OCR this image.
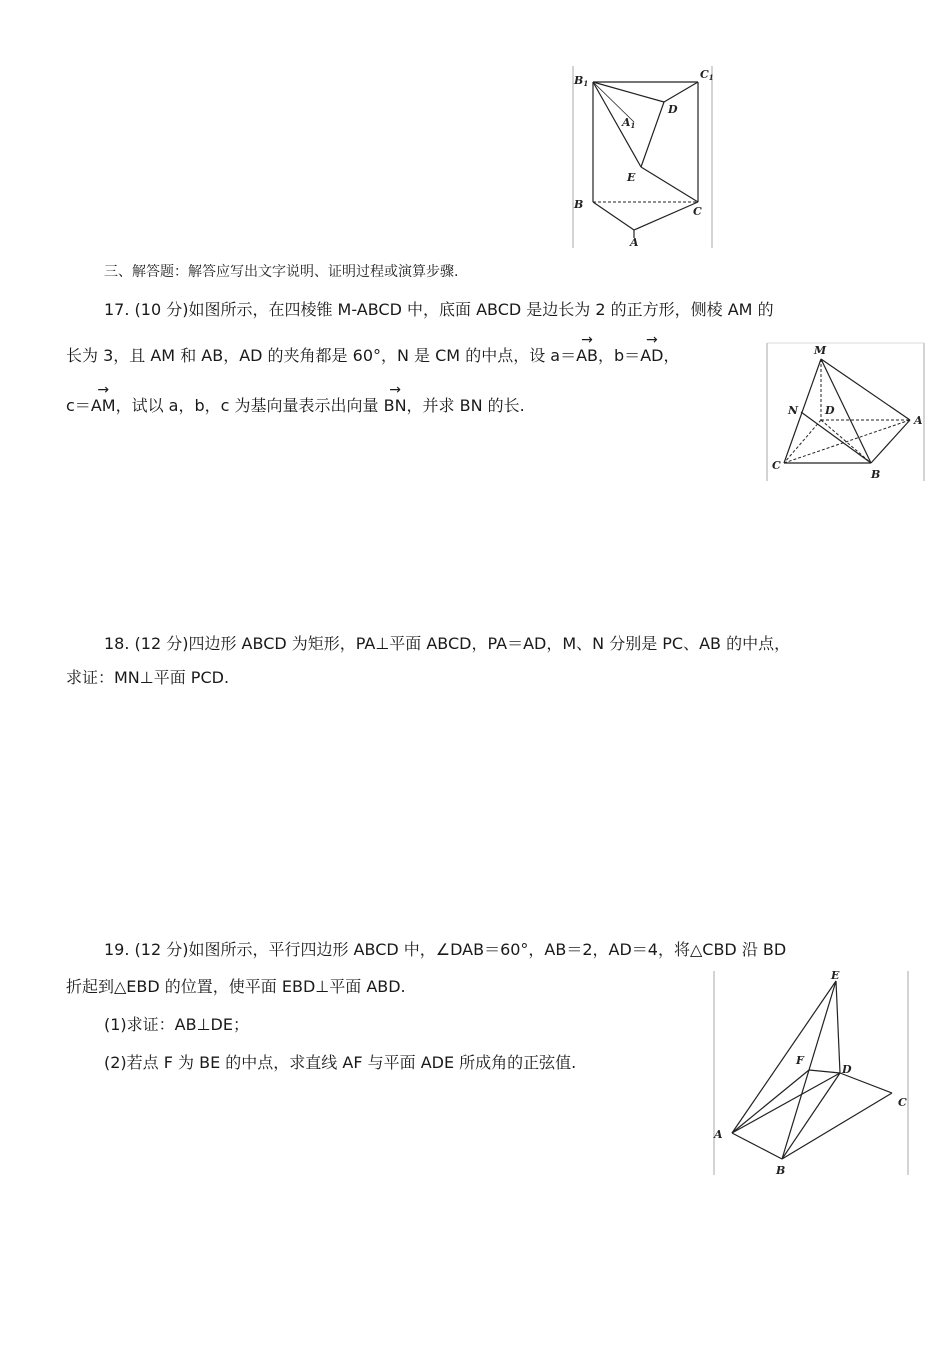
B1
C1
A1
D
E
B
C
A
三、解答题：解答应写出文字说明、证明过程或演算步骤.
17. (10 分)如图所示，在四棱锥 M-ABCD 中，底面 ABCD 是边长为 2 的正方形，侧棱 AM 的
长为 3，且 AM 和 AB，AD 的夹角都是 60°，N 是 CM 的中点，设 a＝→ AB，b＝→ AD，
c＝→ AM，试以 a，b，c 为基向量表示出向量 → BN，并求 BN 的长.
M
N D
A
C
B
18. (12 分)四边形 ABCD 为矩形，PA⊥平面 ABCD，PA＝AD，M、N 分别是 PC、AB 的中点，
求证：MN⊥平面 PCD.
19. (12 分)如图所示，平行四边形 ABCD 中，∠DAB＝60°，AB＝2，AD＝4，将△CBD 沿 BD
折起到△EBD 的位置，使平面 EBD⊥平面 ABD.
(1)求证：AB⊥DE；
(2)若点 F 为 BE 的中点，求直线 AF 与平面 ADE 所成角的正弦值.
E
F
D
C
A
B
